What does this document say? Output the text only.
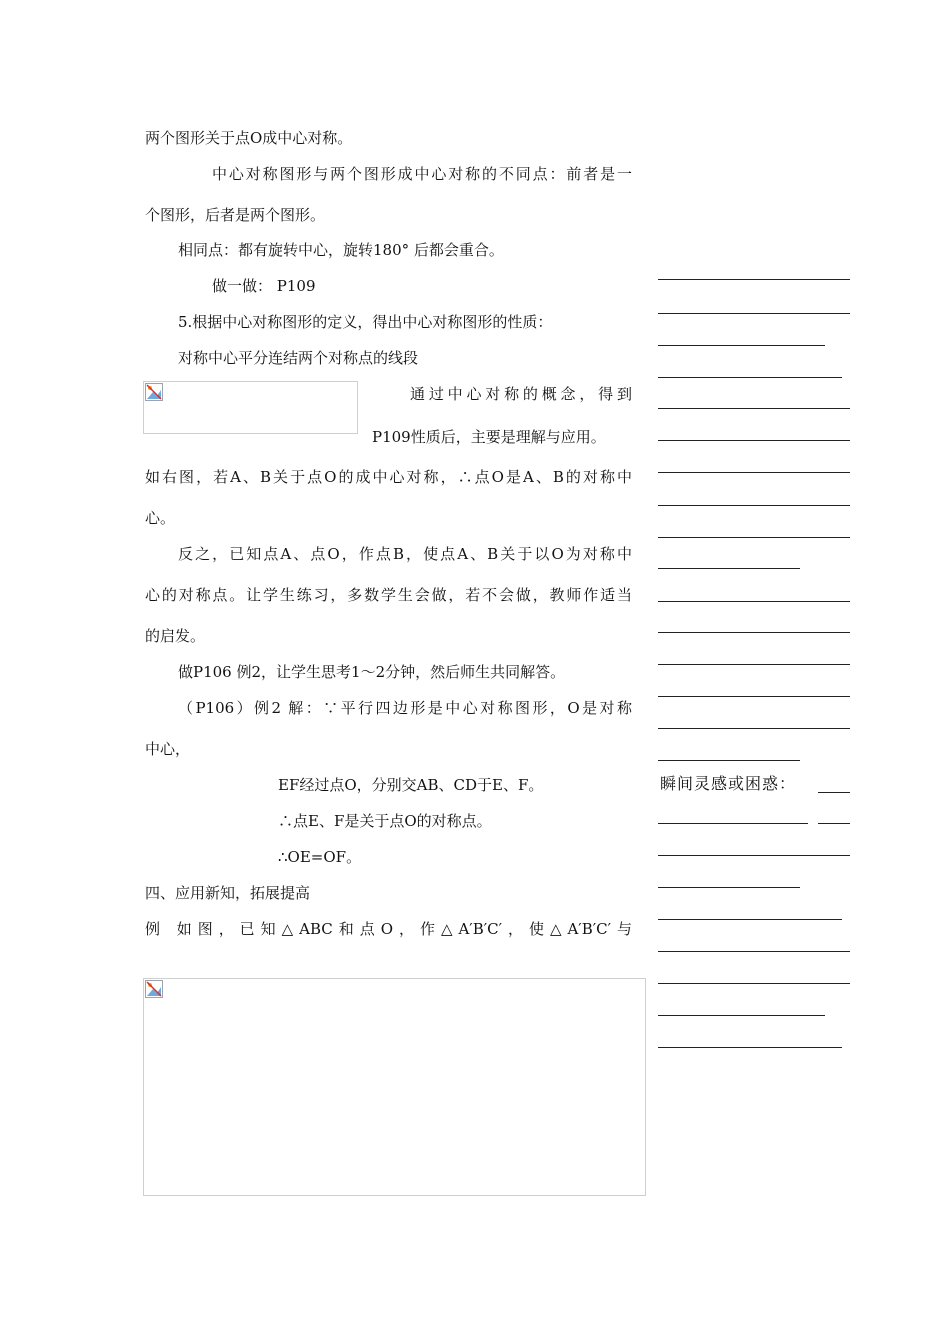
两个图形关于点O成中心对称。

中心对称图形与两个图形成中心对称的不同点：前者是一

个图形，后者是两个图形。

相同点：都有旋转中心，旋转180° 后都会重合。

做一做： P109

5.根据中心对称图形的定义，得出中心对称图形的性质：

对称中心平分连结两个对称点的线段

通过中心对称的概念，得到

P109性质后，主要是理解与应用。

如右图，若A、B关于点O的成中心对称，∴点O是A、B的对称中

心。

反之，已知点A、点O，作点B，使点A、B关于以O为对称中

心的对称点。让学生练习，多数学生会做，若不会做，教师作适当

的启发。

做P106 例2，让学生思考1～2分钟，然后师生共同解答。

（P106）例2 解：∵平行四边形是中心对称图形，O是对称

中心，

EF经过点O，分别交AB、CD于E、F。

∴点E、F是关于点O的对称点。

∴OE=OF。

四、应用新知，拓展提高

例 如图，已知△ABC和点O，作△A′B′C′，使△A′B′C′与

瞬间灵感或困惑：
